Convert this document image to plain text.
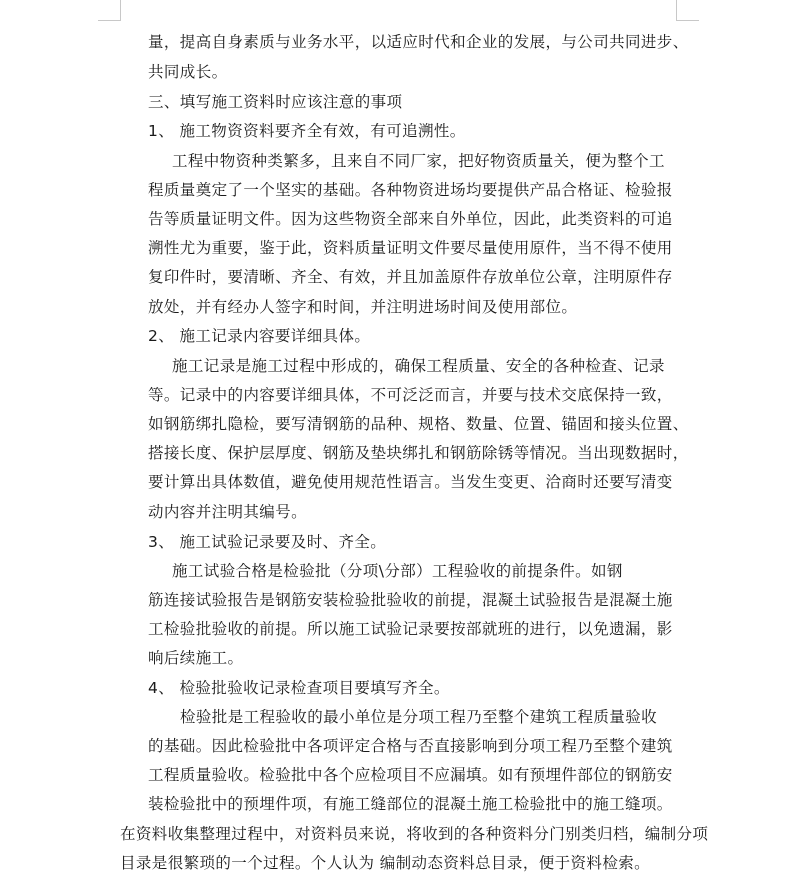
量，提高自身素质与业务水平，以适应时代和企业的发展，与公司共同进步、
共同成长。
三、填写施工资料时应该注意的事项
1、 施工物资资料要齐全有效，有可追溯性。
工程中物资种类繁多，且来自不同厂家，把好物资质量关，便为整个工
程质量奠定了一个坚实的基础。各种物资进场均要提供产品合格证、检验报
告等质量证明文件。因为这些物资全部来自外单位，因此，此类资料的可追
溯性尤为重要，鉴于此，资料质量证明文件要尽量使用原件，当不得不使用
复印件时，要清晰、齐全、有效，并且加盖原件存放单位公章，注明原件存
放处，并有经办人签字和时间，并注明进场时间及使用部位。
2、 施工记录内容要详细具体。
施工记录是施工过程中形成的，确保工程质量、安全的各种检查、记录
等。记录中的内容要详细具体，不可泛泛而言，并要与技术交底保持一致，
如钢筋绑扎隐检，要写清钢筋的品种、规格、数量、位置、锚固和接头位置、
搭接长度、保护层厚度、钢筋及垫块绑扎和钢筋除锈等情况。当出现数据时，
要计算出具体数值，避免使用规范性语言。当发生变更、洽商时还要写清变
动内容并注明其编号。
3、 施工试验记录要及时、齐全。
施工试验合格是检验批（分项\分部）工程验收的前提条件。如钢
筋连接试验报告是钢筋安装检验批验收的前提，混凝土试验报告是混凝土施
工检验批验收的前提。所以施工试验记录要按部就班的进行，以免遗漏，影
响后续施工。
4、 检验批验收记录检查项目要填写齐全。
检验批是工程验收的最小单位是分项工程乃至整个建筑工程质量验收
的基础。因此检验批中各项评定合格与否直接影响到分项工程乃至整个建筑
工程质量验收。检验批中各个应检项目不应漏填。如有预埋件部位的钢筋安
装检验批中的预埋件项，有施工缝部位的混凝土施工检验批中的施工缝项。
在资料收集整理过程中，对资料员来说，将收到的各种资料分门别类归档，编制分项
目录是很繁琐的一个过程。个人认为 编制动态资料总目录，便于资料检索。
